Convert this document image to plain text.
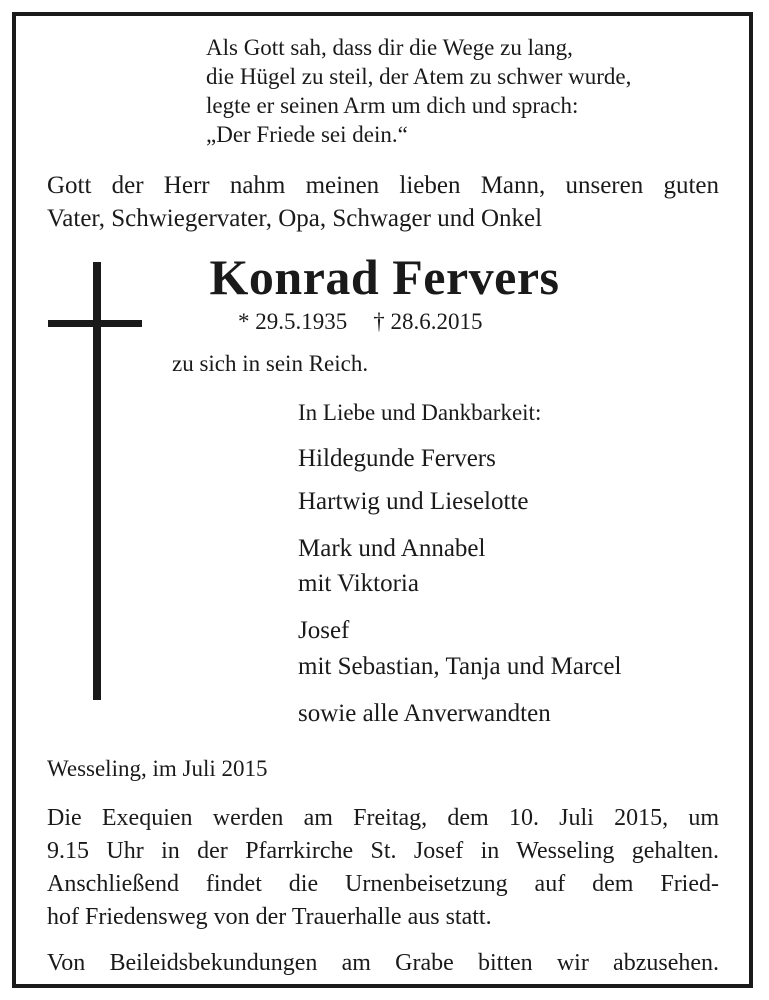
Als Gott sah, dass dir die Wege zu lang,
die Hügel zu steil, der Atem zu schwer wurde,
legte er seinen Arm um dich und sprach:
„Der Friede sei dein.“
Gott der Herr nahm meinen lieben Mann, unseren guten
Vater, Schwiegervater, Opa, Schwager und Onkel
Konrad Fervers
* 29.5.1935 † 28.6.2015
zu sich in sein Reich.
In Liebe und Dankbarkeit:
Hildegunde Fervers
Hartwig und Lieselotte
Mark und Annabel
mit Viktoria
Josef
mit Sebastian, Tanja und Marcel
sowie alle Anverwandten
Wesseling, im Juli 2015
Die Exequien werden am Freitag, dem 10. Juli 2015, um
9.15 Uhr in der Pfarrkirche St. Josef in Wesseling gehalten.
Anschließend findet die Urnenbeisetzung auf dem Fried-
hof Friedensweg von der Trauerhalle aus statt.
Von Beileidsbekundungen am Grabe bitten wir abzusehen.
